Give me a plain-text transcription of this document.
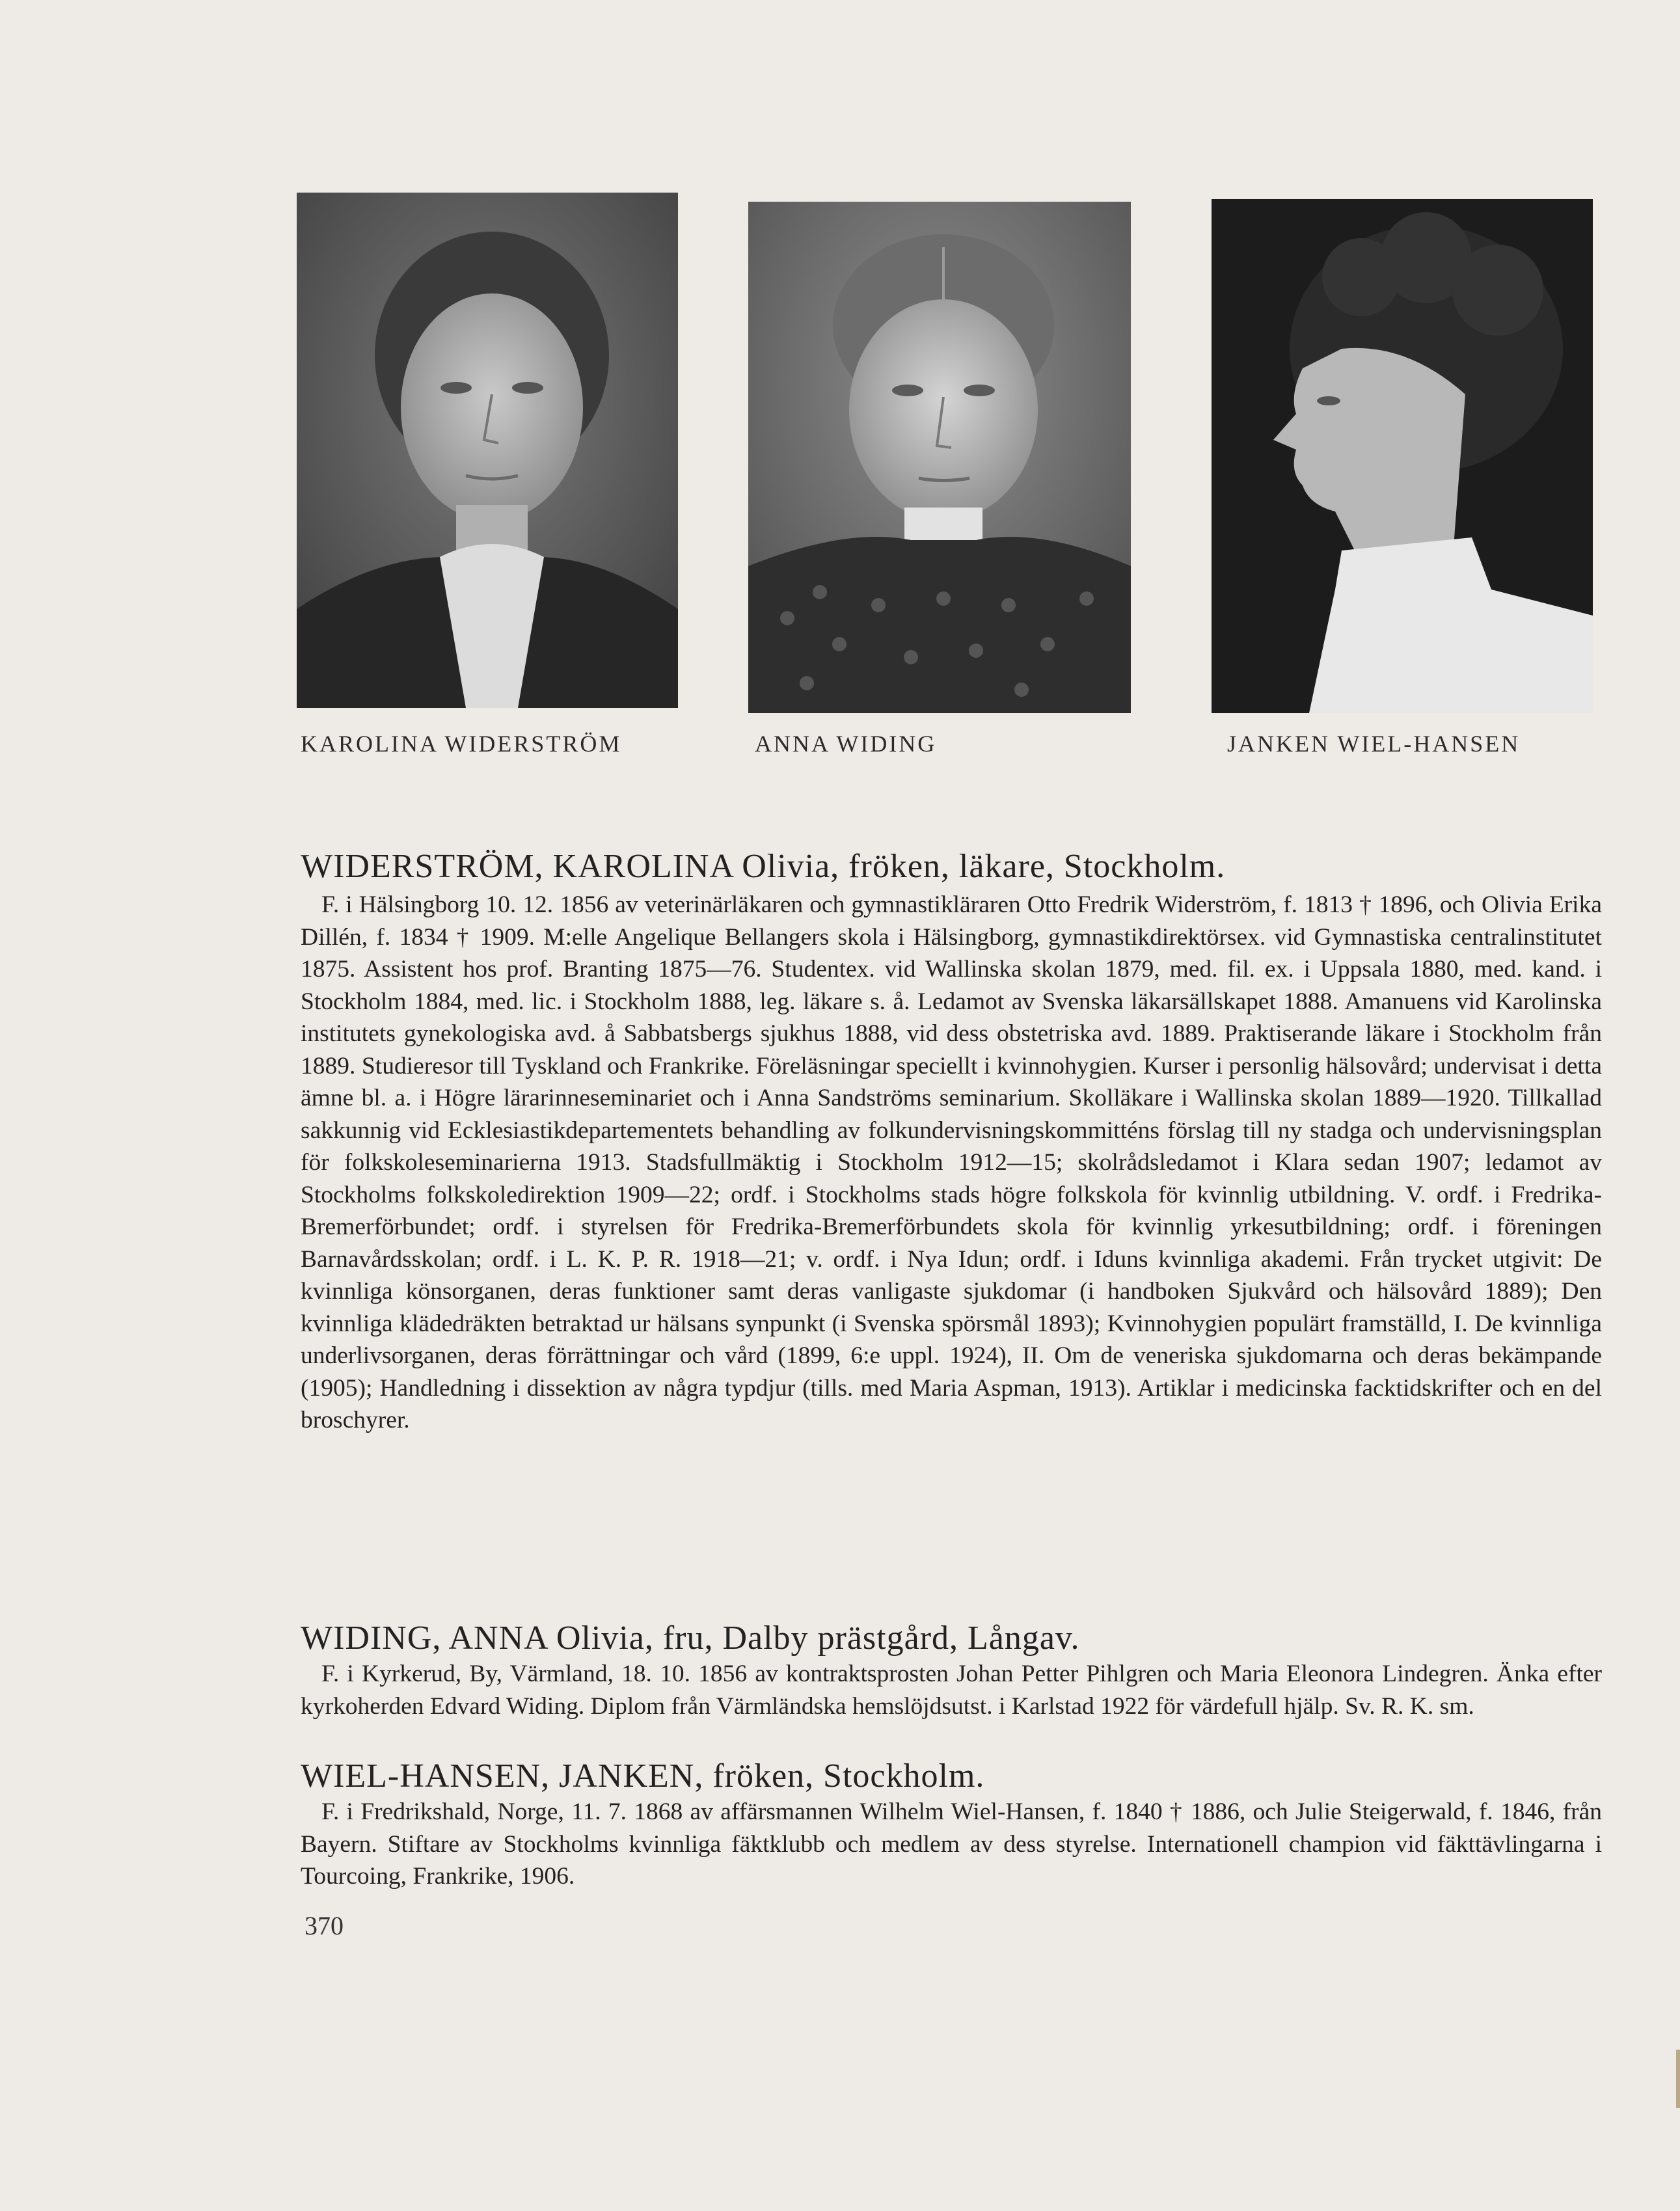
KAROLINA WIDERSTRÖM	ANNA WIDING	JANKEN WIEL-HANSEN
WIDERSTRÖM, KAROLINA Olivia, fröken, läkare, Stockholm.

F. i Hälsingborg 10. 12. 1856 av veterinärläkaren och gymnastikläraren Otto Fredrik Widerström, f. 1813 † 1896, och Olivia Erika Dillén, f. 1834 † 1909. M:elle Angelique Bellangers skola i Hälsingborg, gymnastikdirektörsex. vid Gymnastiska centralinstitutet 1875. Assistent hos prof. Branting 1875—76. Studentex. vid Wallinska skolan 1879, med. fil. ex. i Uppsala 1880, med. kand. i Stockholm 1884, med. lic. i Stockholm 1888, leg. läkare s. å. Ledamot av Svenska läkarsällskapet 1888. Amanuens vid Karolinska institutets gynekologiska avd. å Sabbatsbergs sjukhus 1888, vid dess obstetriska avd. 1889. Praktiserande läkare i Stockholm från 1889. Studieresor till Tyskland och Frankrike. Föreläsningar speciellt i kvinnohygien. Kurser i personlig hälsovård; undervisat i detta ämne bl. a. i Högre lärarinneseminariet och i Anna Sandströms seminarium. Skolläkare i Wallinska skolan 1889—1920. Tillkallad sakkunnig vid Ecklesiastikdepartementets behandling av folkundervisningskommitténs förslag till ny stadga och undervisningsplan för folkskoleseminarierna 1913. Stadsfullmäktig i Stockholm 1912—15; skolrådsledamot i Klara sedan 1907; ledamot av Stockholms folkskoledirektion 1909—22; ordf. i Stockholms stads högre folkskola för kvinnlig utbildning. V. ordf. i Fredrika-Bremerförbundet; ordf. i styrelsen för Fredrika-Bremerförbundets skola för kvinnlig yrkesutbildning; ordf. i föreningen Barnavårdsskolan; ordf. i L. K. P. R. 1918—21; v. ordf. i Nya Idun; ordf. i Iduns kvinnliga akademi. Från trycket utgivit: De kvinnliga könsorganen, deras funktioner samt deras vanligaste sjukdomar (i handboken Sjukvård och hälsovård 1889); Den kvinnliga klädedräkten betraktad ur hälsans synpunkt (i Svenska spörsmål 1893); Kvinnohygien populärt framställd, I. De kvinnliga underlivsorganen, deras förrättningar och vård (1899, 6:e uppl. 1924), II. Om de veneriska sjukdomarna och deras bekämpande (1905); Handledning i dissektion av några typdjur (tills. med Maria Aspman, 1913). Artiklar i medicinska facktidskrifter och en del broschyrer.

WIDING, ANNA Olivia, fru, Dalby prästgård, Långav.

F. i Kyrkerud, By, Värmland, 18. 10. 1856 av kontraktsprosten Johan Petter Pihlgren och Maria Eleonora Lindegren. Änka efter kyrkoherden Edvard Widing. Diplom från Värmländska hemslöjdsutst. i Karlstad 1922 för värdefull hjälp. Sv. R. K. sm.

WIEL-HANSEN, JANKEN, fröken, Stockholm.

F. i Fredrikshald, Norge, 11. 7. 1868 av affärsmannen Wilhelm Wiel-Hansen, f. 1840 † 1886, och Julie Steigerwald, f. 1846, från Bayern. Stiftare av Stockholms kvinnliga fäktklubb och medlem av dess styrelse. Internationell champion vid fäkttävlingarna i Tourcoing, Frankrike, 1906.

370
